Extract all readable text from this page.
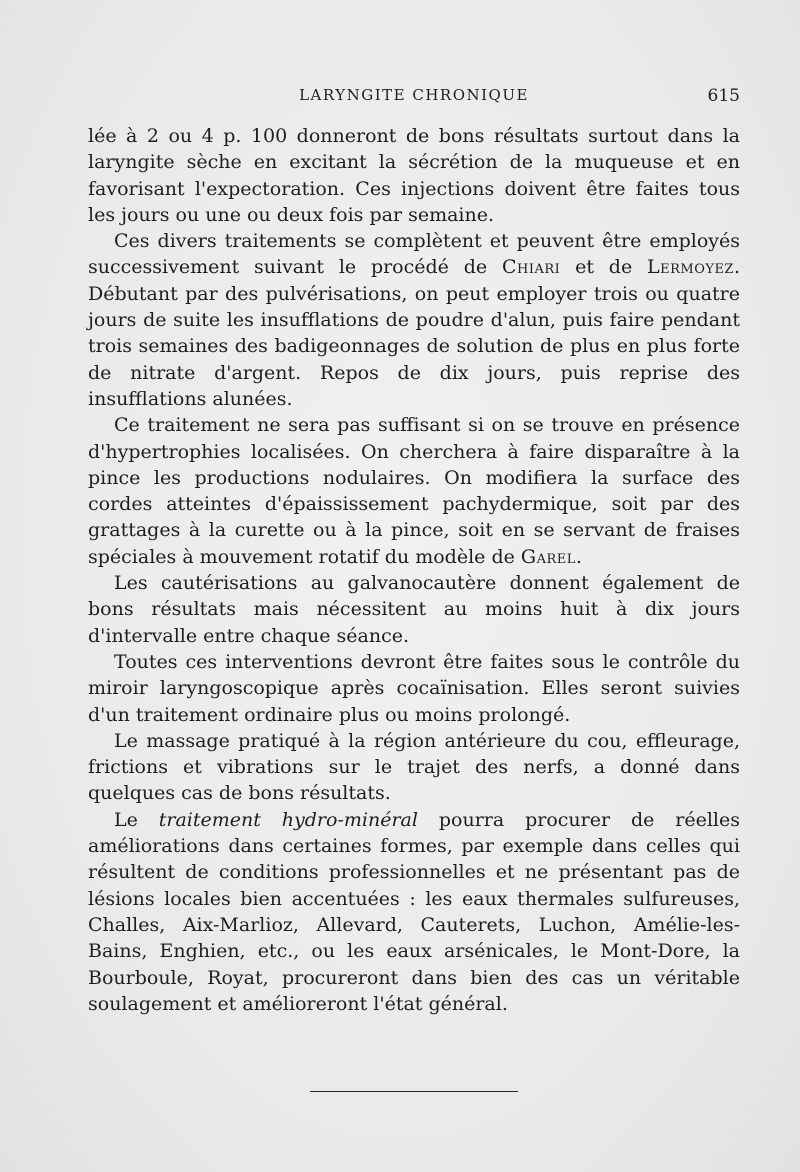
LARYNGITE CHRONIQUE	615

lée à 2 ou 4 p. 100 donneront de bons résultats surtout dans la laryngite sèche en excitant la sécrétion de la muqueuse et en favorisant l'expectoration. Ces injections doivent être faites tous les jours ou une ou deux fois par semaine.

Ces divers traitements se complètent et peuvent être employés successivement suivant le procédé de Chiari et de Lermoyez. Débutant par des pulvérisations, on peut employer trois ou quatre jours de suite les insufflations de poudre d'alun, puis faire pendant trois semaines des badigeonnages de solution de plus en plus forte de nitrate d'argent. Repos de dix jours, puis reprise des insufflations alunées.

Ce traitement ne sera pas suffisant si on se trouve en présence d'hypertrophies localisées. On cherchera à faire disparaître à la pince les productions nodulaires. On modifiera la surface des cordes atteintes d'épaississement pachydermique, soit par des grattages à la curette ou à la pince, soit en se servant de fraises spéciales à mouvement rotatif du modèle de Garel.

Les cautérisations au galvanocautère donnent également de bons résultats mais nécessitent au moins huit à dix jours d'intervalle entre chaque séance.

Toutes ces interventions devront être faites sous le contrôle du miroir laryngoscopique après cocaïnisation. Elles seront suivies d'un traitement ordinaire plus ou moins prolongé.

Le massage pratiqué à la région antérieure du cou, effleurage, frictions et vibrations sur le trajet des nerfs, a donné dans quelques cas de bons résultats.

Le traitement hydro-minéral pourra procurer de réelles améliorations dans certaines formes, par exemple dans celles qui résultent de conditions professionnelles et ne présentant pas de lésions locales bien accentuées : les eaux thermales sulfureuses, Challes, Aix-Marlioz, Allevard, Cauterets, Luchon, Amélie-les-Bains, Enghien, etc., ou les eaux arsénicales, le Mont-Dore, la Bourboule, Royat, procureront dans bien des cas un véritable soulagement et amélioreront l'état général.
